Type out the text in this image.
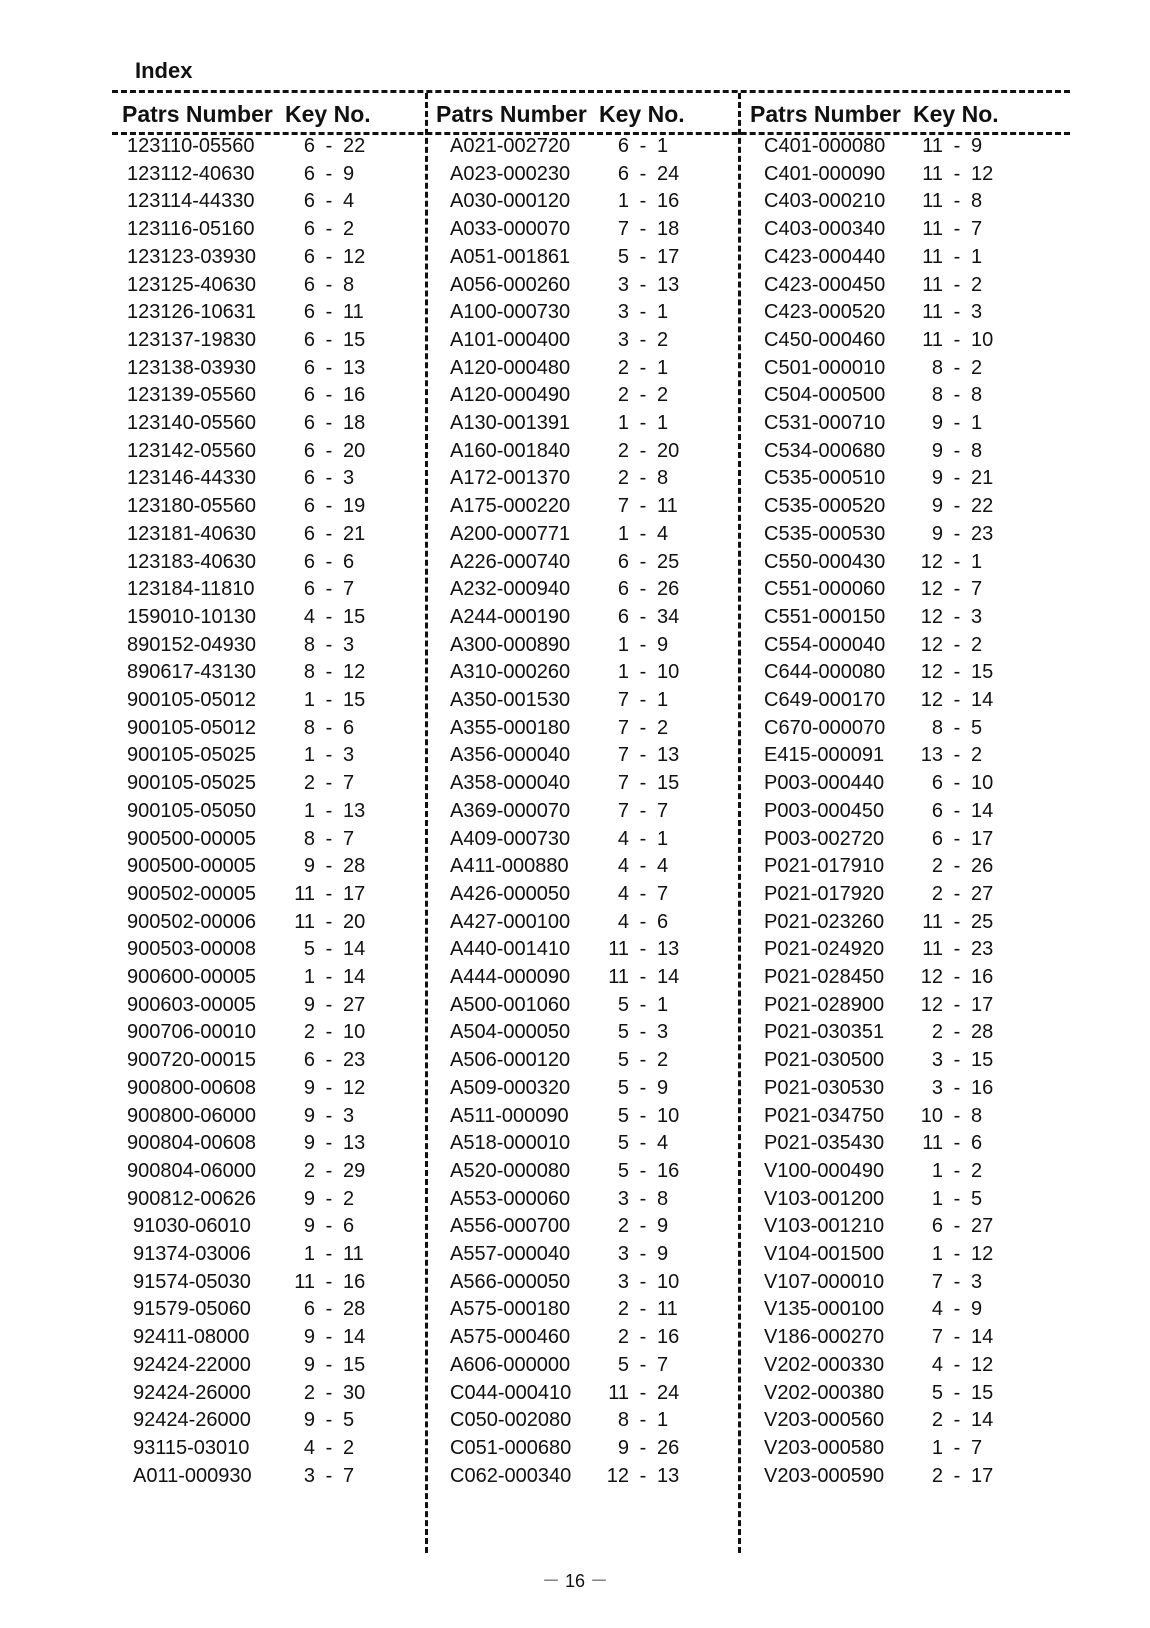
Index
Patrs Number Key No.
123110-05560	6 - 22
123112-40630	6 - 9
123114-44330	6 - 4
123116-05160	6 - 2
123123-03930	6 - 12
123125-40630	6 - 8
123126-10631	6 - 11
123137-19830	6 - 15
123138-03930	6 - 13
123139-05560	6 - 16
123140-05560	6 - 18
123142-05560	6 - 20
123146-44330	6 - 3
123180-05560	6 - 19
123181-40630	6 - 21
123183-40630	6 - 6
123184-11810	6 - 7
159010-10130	4 - 15
890152-04930	8 - 3
890617-43130	8 - 12
900105-05012	1 - 15
900105-05012	8 - 6
900105-05025	1 - 3
900105-05025	2 - 7
900105-05050	1 - 13
900500-00005	8 - 7
900500-00005	9 - 28
900502-00005	11 - 17
900502-00006	11 - 20
900503-00008	5 - 14
900600-00005	1 - 14
900603-00005	9 - 27
900706-00010	2 - 10
900720-00015	6 - 23
900800-00608	9 - 12
900800-06000	9 - 3
900804-00608	9 - 13
900804-06000	2 - 29
900812-00626	9 - 2
91030-06010	9 - 6
91374-03006	1 - 11
91574-05030	11 - 16
91579-05060	6 - 28
92411-08000	9 - 14
92424-22000	9 - 15
92424-26000	2 - 30
92424-26000	9 - 5
93115-03010	4 - 2
A011-000930	3 - 7
Patrs Number Key No.
A021-002720	6 - 1
A023-000230	6 - 24
A030-000120	1 - 16
A033-000070	7 - 18
A051-001861	5 - 17
A056-000260	3 - 13
A100-000730	3 - 1
A101-000400	3 - 2
A120-000480	2 - 1
A120-000490	2 - 2
A130-001391	1 - 1
A160-001840	2 - 20
A172-001370	2 - 8
A175-000220	7 - 11
A200-000771	1 - 4
A226-000740	6 - 25
A232-000940	6 - 26
A244-000190	6 - 34
A300-000890	1 - 9
A310-000260	1 - 10
A350-001530	7 - 1
A355-000180	7 - 2
A356-000040	7 - 13
A358-000040	7 - 15
A369-000070	7 - 7
A409-000730	4 - 1
A411-000880	4 - 4
A426-000050	4 - 7
A427-000100	4 - 6
A440-001410	11 - 13
A444-000090	11 - 14
A500-001060	5 - 1
A504-000050	5 - 3
A506-000120	5 - 2
A509-000320	5 - 9
A511-000090	5 - 10
A518-000010	5 - 4
A520-000080	5 - 16
A553-000060	3 - 8
A556-000700	2 - 9
A557-000040	3 - 9
A566-000050	3 - 10
A575-000180	2 - 11
A575-000460	2 - 16
A606-000000	5 - 7
C044-000410	11 - 24
C050-002080	8 - 1
C051-000680	9 - 26
C062-000340	12 - 13
Patrs Number Key No.
C401-000080	11 - 9
C401-000090	11 - 12
C403-000210	11 - 8
C403-000340	11 - 7
C423-000440	11 - 1
C423-000450	11 - 2
C423-000520	11 - 3
C450-000460	11 - 10
C501-000010	8 - 2
C504-000500	8 - 8
C531-000710	9 - 1
C534-000680	9 - 8
C535-000510	9 - 21
C535-000520	9 - 22
C535-000530	9 - 23
C550-000430	12 - 1
C551-000060	12 - 7
C551-000150	12 - 3
C554-000040	12 - 2
C644-000080	12 - 15
C649-000170	12 - 14
C670-000070	8 - 5
E415-000091	13 - 2
P003-000440	6 - 10
P003-000450	6 - 14
P003-002720	6 - 17
P021-017910	2 - 26
P021-017920	2 - 27
P021-023260	11 - 25
P021-024920	11 - 23
P021-028450	12 - 16
P021-028900	12 - 17
P021-030351	2 - 28
P021-030500	3 - 15
P021-030530	3 - 16
P021-034750	10 - 8
P021-035430	11 - 6
V100-000490	1 - 2
V103-001200	1 - 5
V103-001210	6 - 27
V104-001500	1 - 12
V107-000010	7 - 3
V135-000100	4 - 9
V186-000270	7 - 14
V202-000330	4 - 12
V202-000380	5 - 15
V203-000560	2 - 14
V203-000580	1 - 7
V203-000590	2 - 17
－ 16 －
